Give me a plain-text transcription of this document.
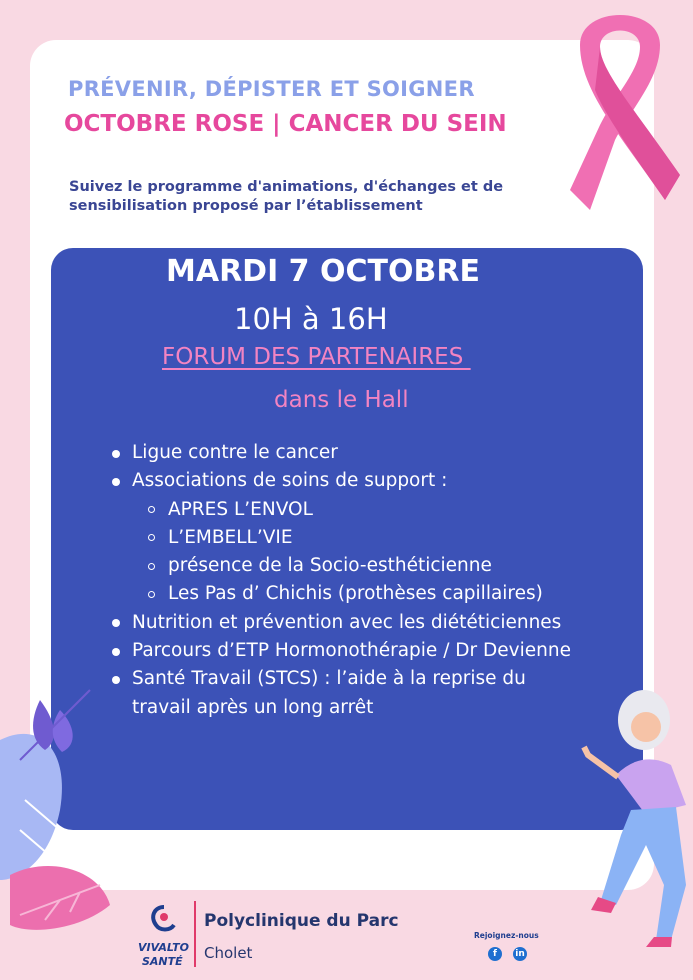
PRÉVENIR, DÉPISTER ET SOIGNER
OCTOBRE ROSE | CANCER DU SEIN
Suivez le programme d'animations, d'échanges et de
sensibilisation proposé par l’établissement
MARDI 7 OCTOBRE
10H à 16H
FORUM DES PARTENAIRES
dans le Hall
Ligue contre le cancer
Associations de soins de support :
APRES L’ENVOL
L’EMBELL’VIE
présence de la Socio-esthéticienne
Les Pas d’ Chichis (prothèses capillaires)
Nutrition et prévention avec les diététiciennes
Parcours d’ETP Hormonothérapie / Dr Devienne
Santé Travail (STCS) : l’aide à la reprise du travail après un long arrêt
VIVALTO
SANTÉ
Polyclinique du Parc
Cholet
Rejoignez-nous
f	in
